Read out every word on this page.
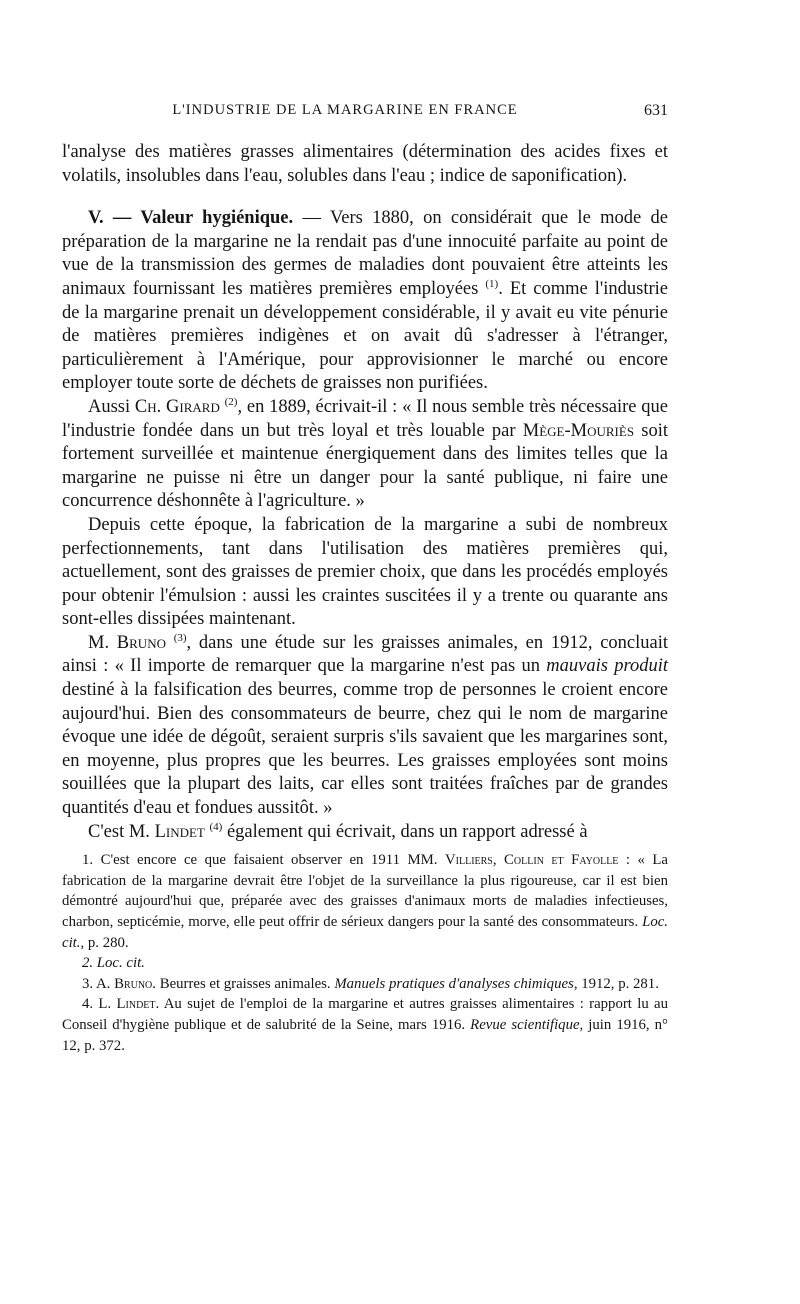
L'INDUSTRIE DE LA MARGARINE EN FRANCE	631

l'analyse des matières grasses alimentaires (détermination des acides fixes et volatils, insolubles dans l'eau, solubles dans l'eau ; indice de saponification).

V. — Valeur hygiénique. — Vers 1880, on considérait que le mode de préparation de la margarine ne la rendait pas d'une innocuité parfaite au point de vue de la transmission des germes de maladies dont pouvaient être atteints les animaux fournissant les matières premières employées $^{(1)}$. Et comme l'industrie de la margarine prenait un développement considérable, il y avait eu vite pénurie de matières premières indigènes et on avait dû s'adresser à l'étranger, particulièrement à l'Amérique, pour approvisionner le marché ou encore employer toute sorte de déchets de graisses non purifiées.

Aussi Ch. Girard $^{(2)}$, en 1889, écrivait-il : « Il nous semble très nécessaire que l'industrie fondée dans un but très loyal et très louable par Mège-Mouriès soit fortement surveillée et maintenue énergiquement dans des limites telles que la margarine ne puisse ni être un danger pour la santé publique, ni faire une concurrence déshonnête à l'agriculture. »

Depuis cette époque, la fabrication de la margarine a subi de nombreux perfectionnements, tant dans l'utilisation des matières premières qui, actuellement, sont des graisses de premier choix, que dans les procédés employés pour obtenir l'émulsion : aussi les craintes suscitées il y a trente ou quarante ans sont-elles dissipées maintenant.

M. Bruno $^{(3)}$, dans une étude sur les graisses animales, en 1912, concluait ainsi : « Il importe de remarquer que la margarine n'est pas un mauvais produit destiné à la falsification des beurres, comme trop de personnes le croient encore aujourd'hui. Bien des consommateurs de beurre, chez qui le nom de margarine évoque une idée de dégoût, seraient surpris s'ils savaient que les margarines sont, en moyenne, plus propres que les beurres. Les graisses employées sont moins souillées que la plupart des laits, car elles sont traitées fraîches par de grandes quantités d'eau et fondues aussitôt. »

C'est M. Lindet $^{(4)}$ également qui écrivait, dans un rapport adressé à

1. C'est encore ce que faisaient observer en 1911 MM. Villiers, Collin et Fayolle : « La fabrication de la margarine devrait être l'objet de la surveillance la plus rigoureuse, car il est bien démontré aujourd'hui que, préparée avec des graisses d'animaux morts de maladies infectieuses, charbon, septicémie, morve, elle peut offrir de sérieux dangers pour la santé des consommateurs. Loc. cit., p. 280.

2. Loc. cit.

3. A. Bruno. Beurres et graisses animales. Manuels pratiques d'analyses chimiques, 1912, p. 281.

4. L. Lindet. Au sujet de l'emploi de la margarine et autres graisses alimentaires : rapport lu au Conseil d'hygiène publique et de salubrité de la Seine, mars 1916. Revue scientifique, juin 1916, n° 12, p. 372.
